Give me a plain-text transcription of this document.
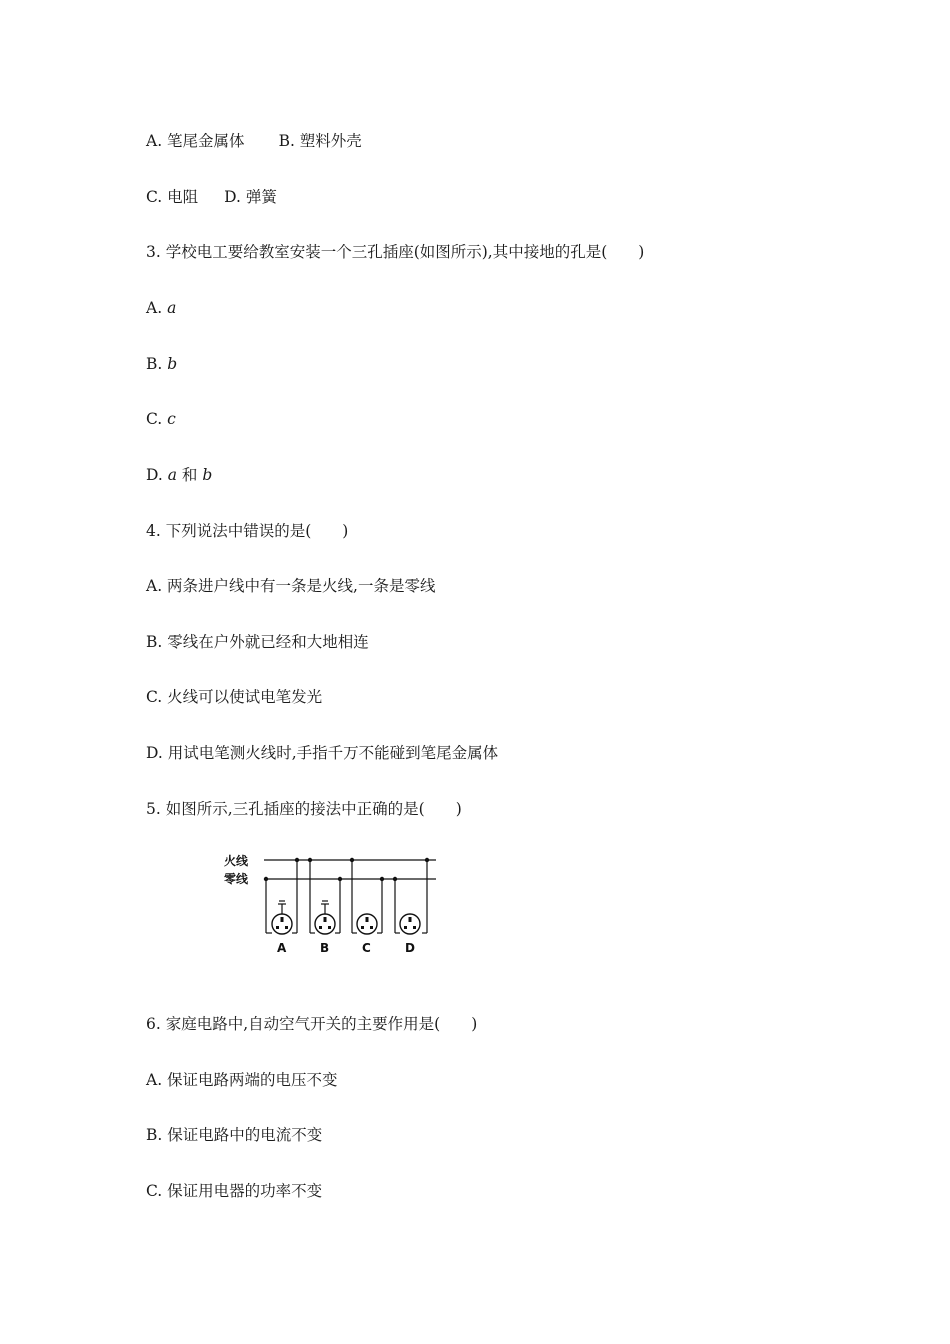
A. 笔尾金属体 B. 塑料外壳
C. 电阻 D. 弹簧
3. 学校电工要给教室安装一个三孔插座(如图所示),其中接地的孔是(　　)
A. a
B. b
C. c
D. a 和 b
4. 下列说法中错误的是(　　)
A. 两条进户线中有一条是火线,一条是零线
B. 零线在户外就已经和大地相连
C. 火线可以使试电笔发光
D. 用试电笔测火线时,手指千万不能碰到笔尾金属体
5. 如图所示,三孔插座的接法中正确的是(　　)
火线
零线
A	B	C	D
6. 家庭电路中,自动空气开关的主要作用是(　　)
A. 保证电路两端的电压不变
B. 保证电路中的电流不变
C. 保证用电器的功率不变
